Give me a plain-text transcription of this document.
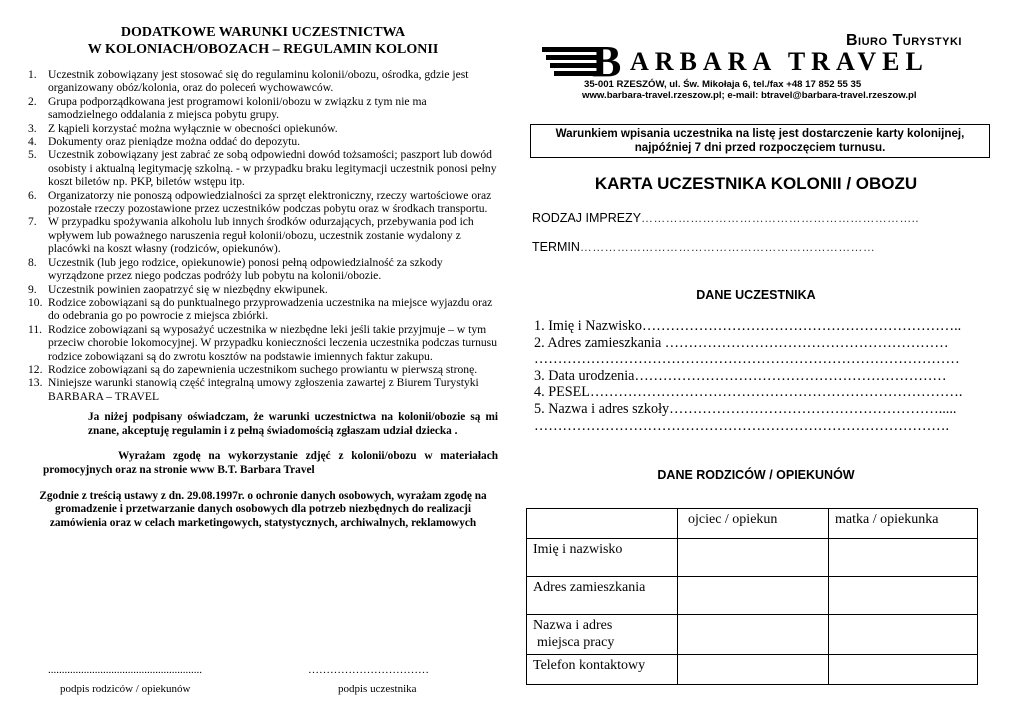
DODATKOWE WARUNKI UCZESTNICTWA
W KOLONIACH/OBOZACH – REGULAMIN KOLONII
1. Uczestnik zobowiązany jest stosować się do regulaminu kolonii/obozu, ośrodka, gdzie jest organizowany obóz/kolonia, oraz do poleceń wychowawców.
2. Grupa podporządkowana jest programowi kolonii/obozu w związku z tym nie ma samodzielnego oddalania z miejsca pobytu grupy.
3. Z kąpieli korzystać można wyłącznie w obecności opiekunów.
4. Dokumenty oraz pieniądze można oddać do depozytu.
5. Uczestnik zobowiązany jest zabrać ze sobą odpowiedni dowód tożsamości; paszport lub dowód osobisty i aktualną legitymację szkolną. - w przypadku braku legitymacji uczestnik ponosi pełny koszt biletów np. PKP, biletów wstępu itp.
6. Organizatorzy nie ponoszą odpowiedzialności za sprzęt elektroniczny, rzeczy wartościowe oraz pozostałe rzeczy pozostawione przez uczestników podczas pobytu oraz w środkach transportu.
7. W przypadku spożywania alkoholu lub innych środków odurzających, przebywania pod ich wpływem lub poważnego naruszenia reguł kolonii/obozu, uczestnik zostanie wydalony z placówki na koszt własny (rodziców, opiekunów).
8. Uczestnik (lub jego rodzice, opiekunowie) ponosi pełną odpowiedzialność za szkody wyrządzone przez niego podczas podróży lub pobytu na kolonii/obozie.
9. Uczestnik powinien zaopatrzyć się w niezbędny ekwipunek.
10. Rodzice zobowiązani są do punktualnego przyprowadzenia uczestnika na miejsce wyjazdu oraz do odebrania go po powrocie z miejsca zbiórki.
11. Rodzice zobowiązani są wyposażyć uczestnika w niezbędne leki jeśli takie przyjmuje – w tym przeciw chorobie lokomocyjnej. W przypadku konieczności leczenia uczestnika podczas turnusu rodzice zobowiązani są do zwrotu kosztów na podstawie imiennych faktur zakupu.
12. Rodzice zobowiązani są do zapewnienia uczestnikom suchego prowiantu w pierwszą stronę.
13. Niniejsze warunki stanowią część integralną umowy zgłoszenia zawartej z Biurem Turystyki BARBARA – TRAVEL
Ja niżej podpisany oświadczam, że warunki uczestnictwa na kolonii/obozie są mi znane, akceptuję regulamin i z pełną świadomością zgłaszam udział dziecka .
Wyrażam zgodę na wykorzystanie zdjęć z kolonii/obozu w materiałach promocyjnych oraz na stronie www B.T. Barbara Travel
Zgodnie z treścią ustawy z dn. 29.08.1997r. o ochronie danych osobowych, wyrażam zgodę na gromadzenie i przetwarzanie danych osobowych dla potrzeb niezbędnych do realizacji zamówienia oraz w celach marketingowych, statystycznych, archiwalnych, reklamowych
........................................................	……………………………
podpis rodziców / opiekunów	podpis uczestnika
Biuro Turystyki
B ARBARA TRAVEL
35-001 RZESZÓW, ul. Św. Mikołaja 6, tel./fax +48 17 852 55 35
www.barbara-travel.rzeszow.pl; e-mail: btravel@barbara-travel.rzeszow.pl
Warunkiem wpisania uczestnika na listę jest dostarczenie karty kolonijnej, najpóźniej 7 dni przed rozpoczęciem turnusu.
KARTA UCZESTNIKA KOLONII / OBOZU
RODZAJ IMPREZY…………………………………………………………..
TERMIN………………………………………………………………
DANE UCZESTNIKA
1. Imię i Nazwisko…………………………………………………………..
2. Adres zamieszkania ……………………………………………………
………………………………………………………………………………
3. Data urodzenia…………………………………………………………
4. PESEL…………………………………………………………………….
5. Nazwa i adres szkoły………………………………………………….....
…………………………………………………………………………….
DANE RODZICÓW / OPIEKUNÓW
	ojciec / opiekun	matka / opiekunka
Imię i nazwisko		
Adres zamieszkania		

Nazwa i adres
miejsca pracy		

Telefon kontaktowy		
